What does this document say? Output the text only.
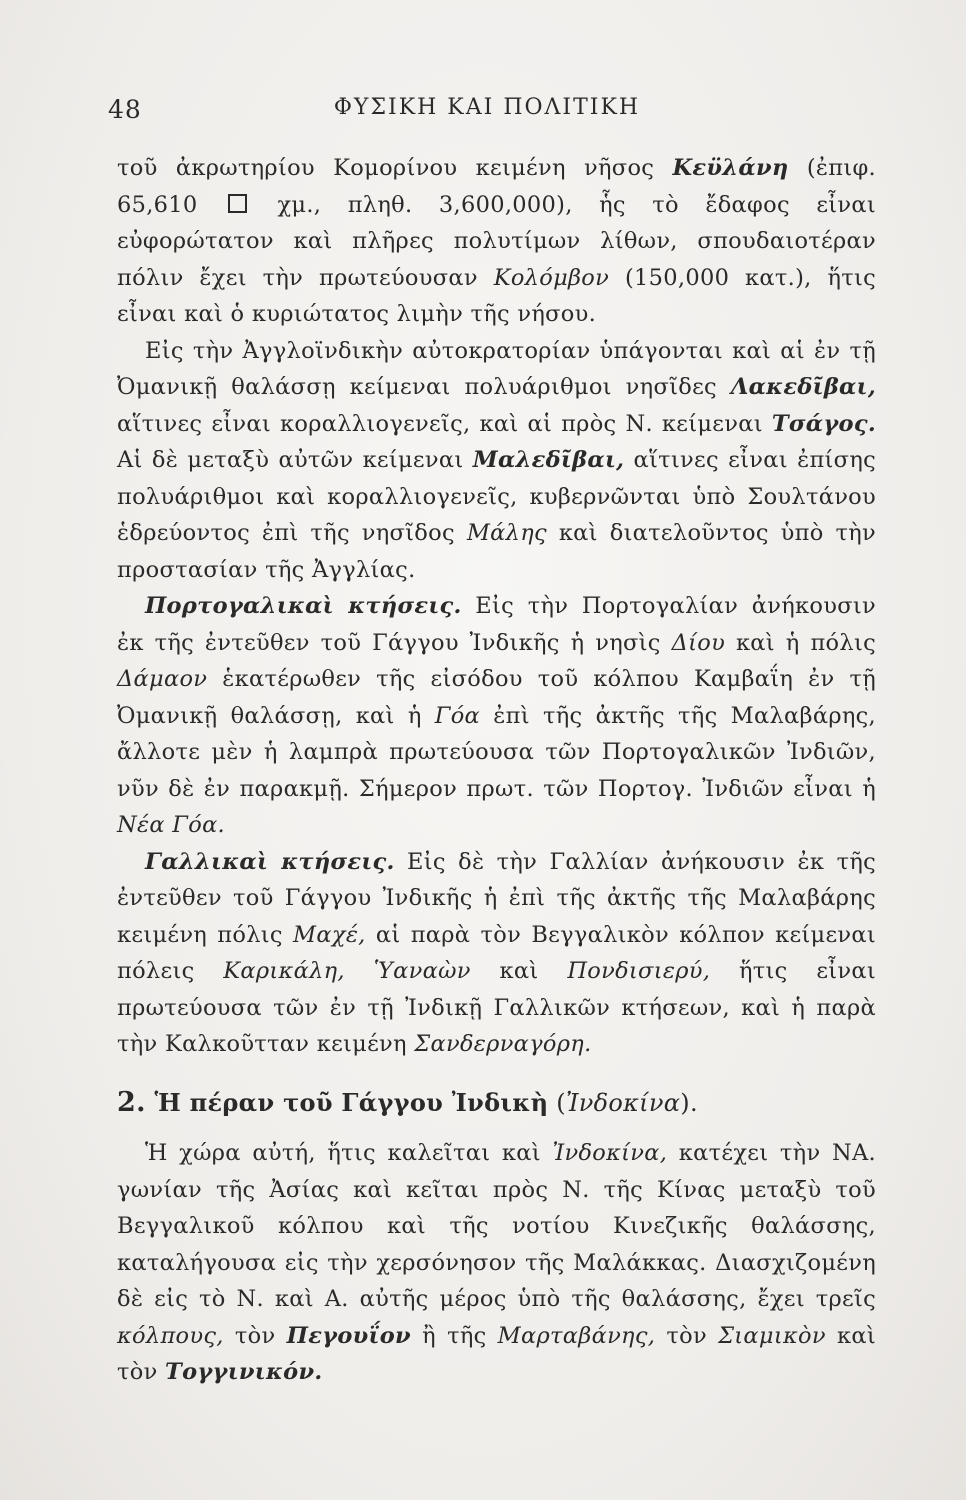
48	ΦΥΣΙΚΗ ΚΑΙ ΠΟΛΙΤΙΚΗ

τοῦ ἀκρωτηρίου Κομορίνου κειμένη νῆσος Κεϋλάνη (ἐπιφ. 65,610  χμ., πληθ. 3,600,000), ἧς τὸ ἔδαφος εἶναι εὐφορώτατον καὶ πλῆρες πολυτίμων λίθων, σπουδαιοτέραν πόλιν ἔχει τὴν πρωτεύουσαν Κολόμβον (150,000 κατ.), ἥτις εἶναι καὶ ὁ κυριώτατος λιμὴν τῆς νήσου.

Εἰς τὴν Ἀγγλοϊνδικὴν αὐτοκρατορίαν ὑπάγονται καὶ αἱ ἐν τῇ Ὀμανικῇ θαλάσσῃ κείμεναι πολυάριθμοι νησῖδες Λακεδῖβαι, αἵτινες εἶναι κοραλλιογενεῖς, καὶ αἱ πρὸς Ν. κείμεναι Τσάγος. Αἱ δὲ μεταξὺ αὐτῶν κείμεναι Μαλεδῖβαι, αἵτινες εἶναι ἐπίσης πολυάριθμοι καὶ κοραλλιογενεῖς, κυβερνῶνται ὑπὸ Σουλτάνου ἑδρεύοντος ἐπὶ τῆς νησῖδος Μάλης καὶ διατελοῦντος ὑπὸ τὴν προστασίαν τῆς Ἀγγλίας.

Πορτογαλικαὶ κτήσεις. Εἰς τὴν Πορτογαλίαν ἀνήκουσιν ἐκ τῆς ἐντεῦθεν τοῦ Γάγγου Ἰνδικῆς ἡ νησὶς Δίου καὶ ἡ πόλις Δάμαον ἑκατέρωθεν τῆς εἰσόδου τοῦ κόλπου Καμβαΐη ἐν τῇ Ὀμανικῇ θαλάσσῃ, καὶ ἡ Γόα ἐπὶ τῆς ἀκτῆς τῆς Μαλαβάρης, ἄλλοτε μὲν ἡ λαμπρὰ πρωτεύουσα τῶν Πορτογαλικῶν Ἰνδιῶν, νῦν δὲ ἐν παρακμῇ. Σήμερον πρωτ. τῶν Πορτογ. Ἰνδιῶν εἶναι ἡ Νέα Γόα.

Γαλλικαὶ κτήσεις. Εἰς δὲ τὴν Γαλλίαν ἀνήκουσιν ἐκ τῆς ἐντεῦθεν τοῦ Γάγγου Ἰνδικῆς ἡ ἐπὶ τῆς ἀκτῆς τῆς Μαλαβάρης κειμένη πόλις Μαχέ, αἱ παρὰ τὸν Βεγγαλικὸν κόλπον κείμεναι πόλεις Καρικάλη, Ὑαναὼν καὶ Πονδισιερύ, ἥτις εἶναι πρωτεύουσα τῶν ἐν τῇ Ἰνδικῇ Γαλλικῶν κτήσεων, καὶ ἡ παρὰ τὴν Καλκοῦτταν κειμένη Σανδερναγόρη.

2. Ἡ πέραν τοῦ Γάγγου Ἰνδικὴ (Ἰνδοκίνα).

Ἡ χώρα αὐτή, ἥτις καλεῖται καὶ Ἰνδοκίνα, κατέχει τὴν ΝΑ. γωνίαν τῆς Ἀσίας καὶ κεῖται πρὸς Ν. τῆς Κίνας μεταξὺ τοῦ Βεγγαλικοῦ κόλπου καὶ τῆς νοτίου Κινεζικῆς θαλάσσης, καταλήγουσα εἰς τὴν χερσόνησον τῆς Μαλάκκας. Διασχιζομένη δὲ εἰς τὸ Ν. καὶ Α. αὐτῆς μέρος ὑπὸ τῆς θαλάσσης, ἔχει τρεῖς κόλπους, τὸν Πεγουΐον ἢ τῆς Μαρταβάνης, τὸν Σιαμικὸν καὶ τὸν Τογγινικόν.
